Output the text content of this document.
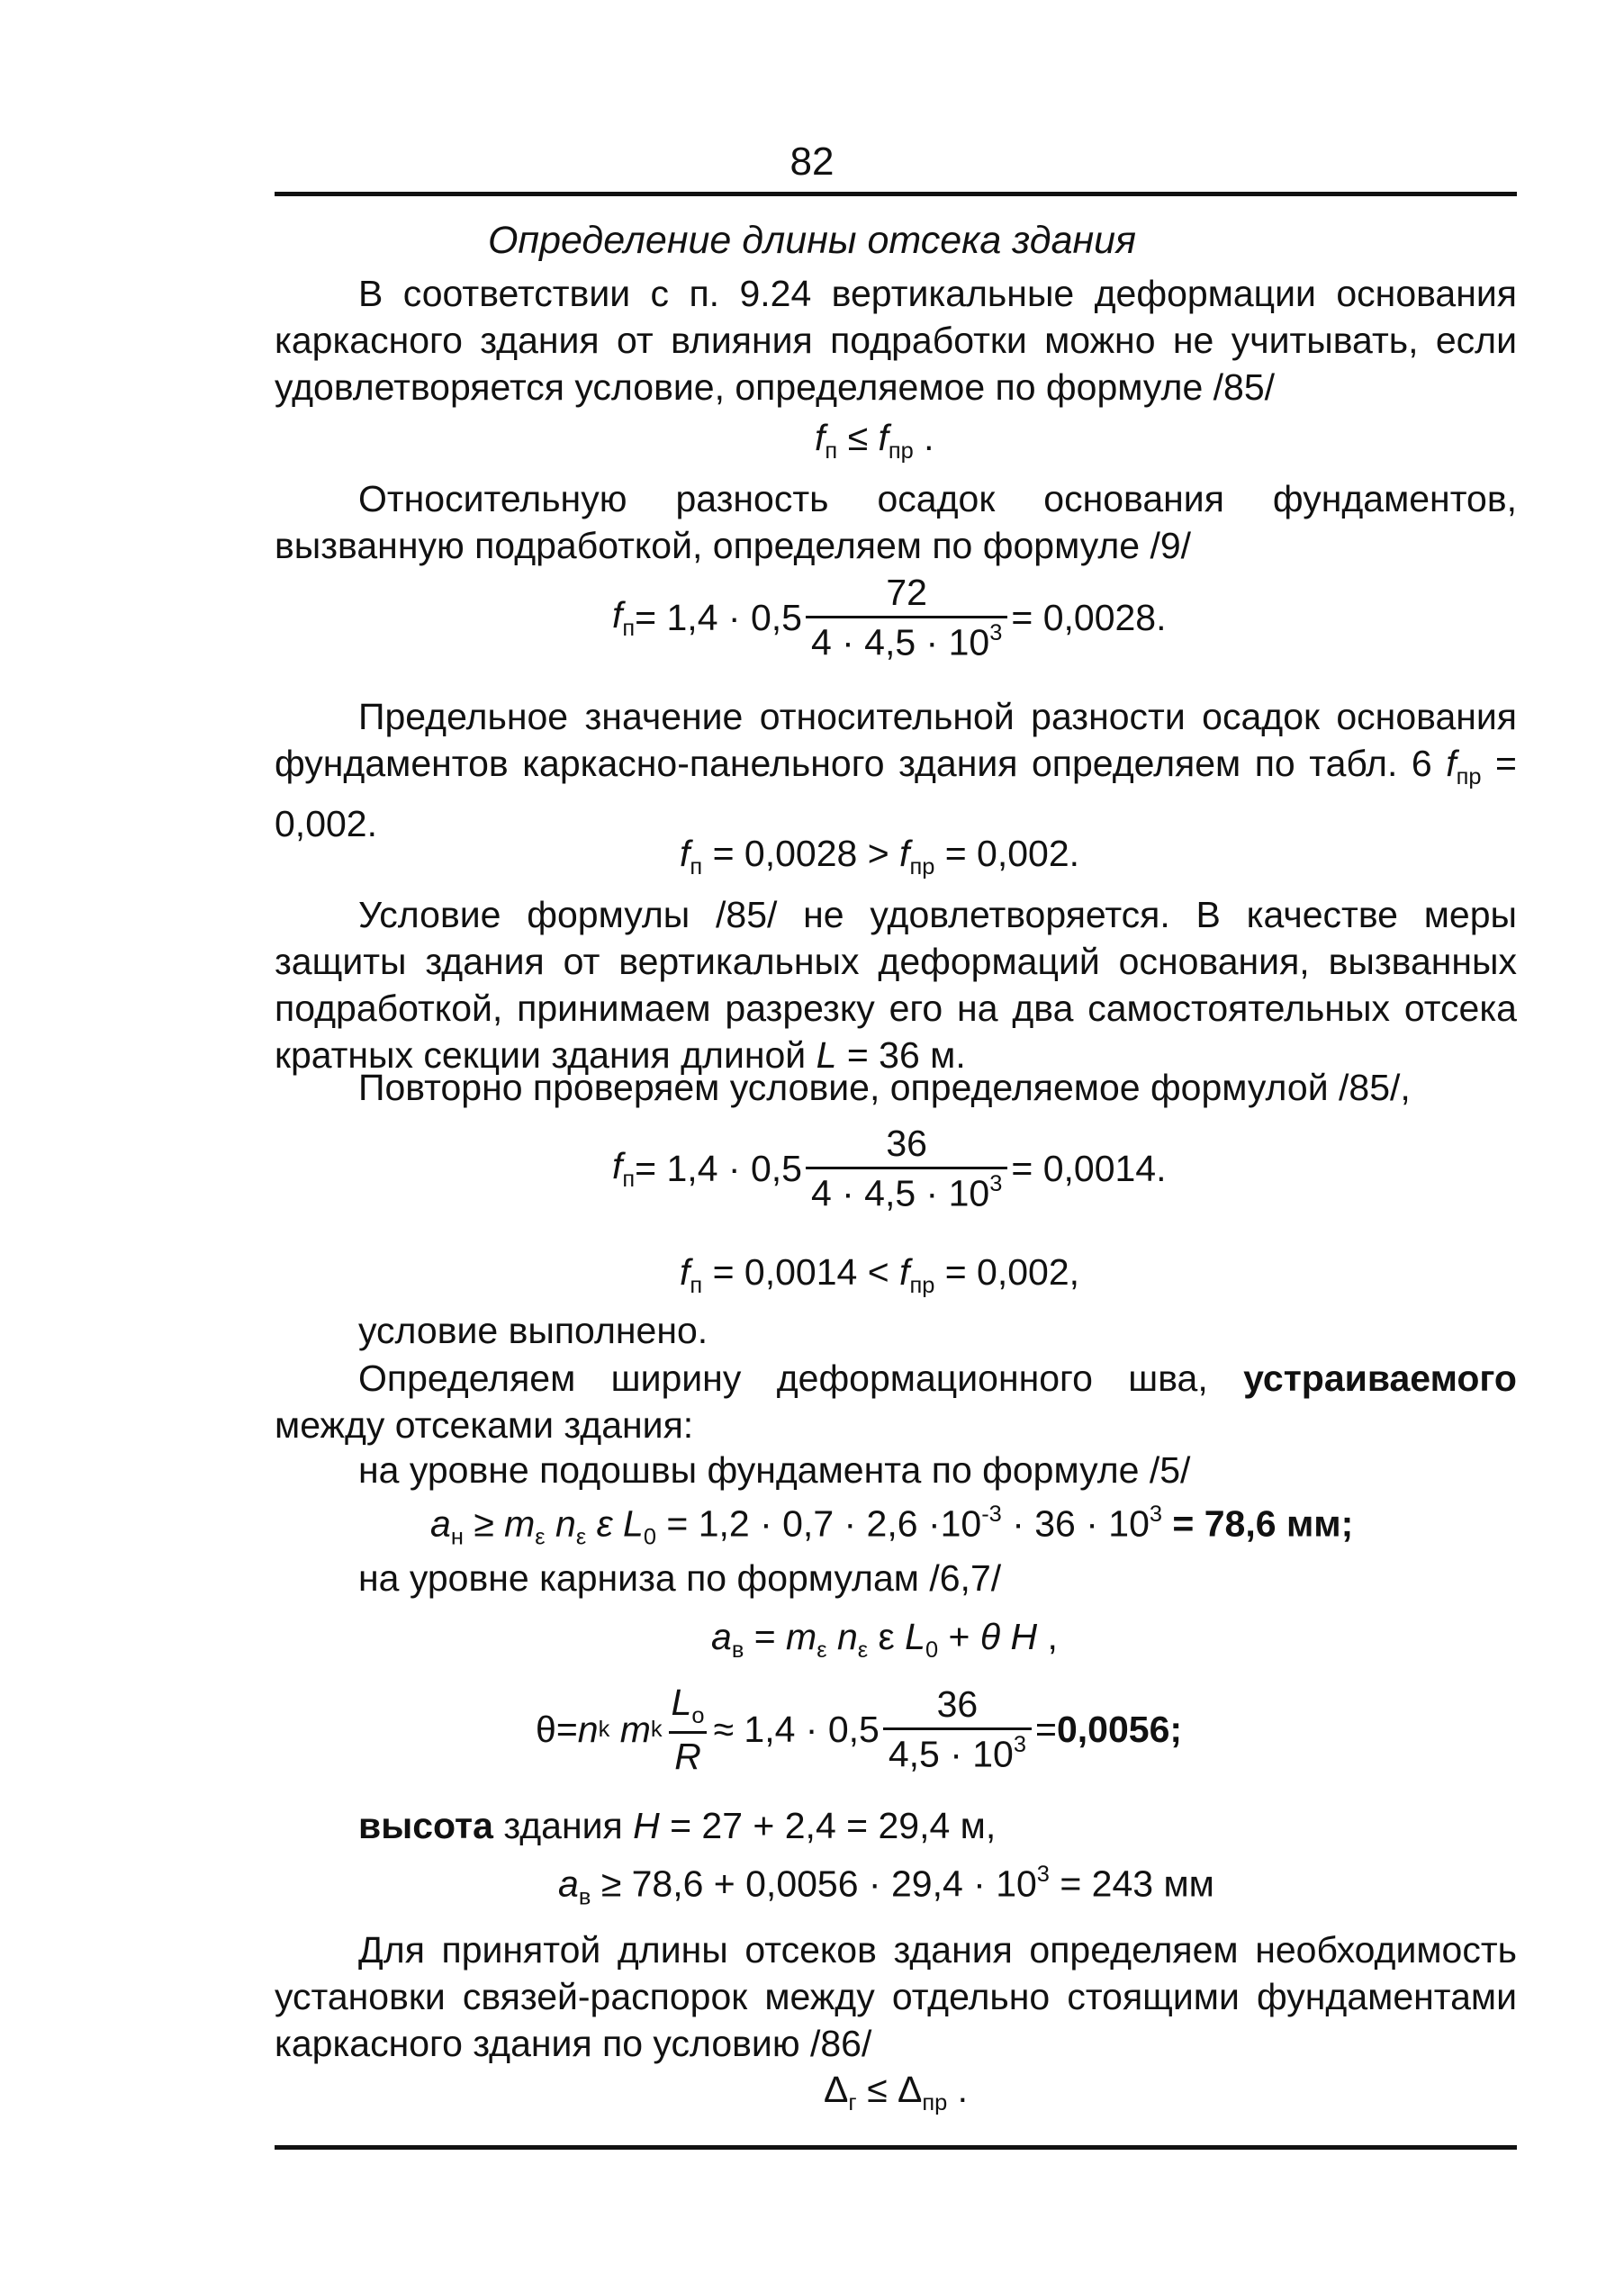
82
Определение длины отсека здания

В соответствии с п. 9.24 вертикальные деформации основания каркасного здания от влияния подработки можно не учитывать, если удовлетворяется условие, определяемое по формуле /85/

$f_п \le f_{пр}$ .

Относительную разность осадок основания фундаментов, вызванную подработкой, определяем по формуле /9/

$f_п = 1,4 \cdot 0,5 \frac{72}{4 \cdot 4,5 \cdot 10^3} = 0,0028$.

Предельное значение относительной разности осадок основания фундаментов каркасно-панельного здания определяем по табл. 6 $f_{пр} = 0,002$.

$f_п = 0,0028 > f_{пр} = 0,002$.

Условие формулы /85/ не удовлетворяется. В качестве меры защиты здания от вертикальных деформаций основания, вызванных подработкой, принимаем разрезку его на два самостоятельных отсека кратных секции здания длиной L = 36 м.

Повторно проверяем условие, определяемое формулой /85/,

$f_п = 1,4 \cdot 0,5 \frac{36}{4 \cdot 4,5 \cdot 10^3} = 0,0014$.
$f_п = 0,0014 < f_{пр} = 0,002$,
условие выполнено.

Определяем ширину деформационного шва, устраиваемого между отсеками здания:

на уровне подошвы фундамента по формуле /5/
$a_н \ge m_\varepsilon$ $n_\varepsilon$ ε $L_0 = 1,2 \cdot 0,7 \cdot 2,6 \cdot 10^{-3} \cdot 36 \cdot 10^3 = 78,6$ мм;
на уровне карниза по формулам /6,7/
$a_в = m_\varepsilon$ $n_\varepsilon$ ε $L_0 + \theta$ H ,
θ = n k
m k $\frac{L_о}{R} \approx 1,4 \cdot 0,5 \frac{36}{4,5 \cdot 10^3} = 0,0056$ ;
высота здания H = 27 + 2,4 = 29,4 м,
$a_в \ge 78,6 + 0,0056 \cdot 29,4 \cdot 10^3 = 243$ мм

Для принятой длины отсеков здания определяем необходимость установки связей-распорок между отдельно стоящими фундаментами каркасного здания по условию /86/

$\Delta_г \le \Delta_{пр}$ .
